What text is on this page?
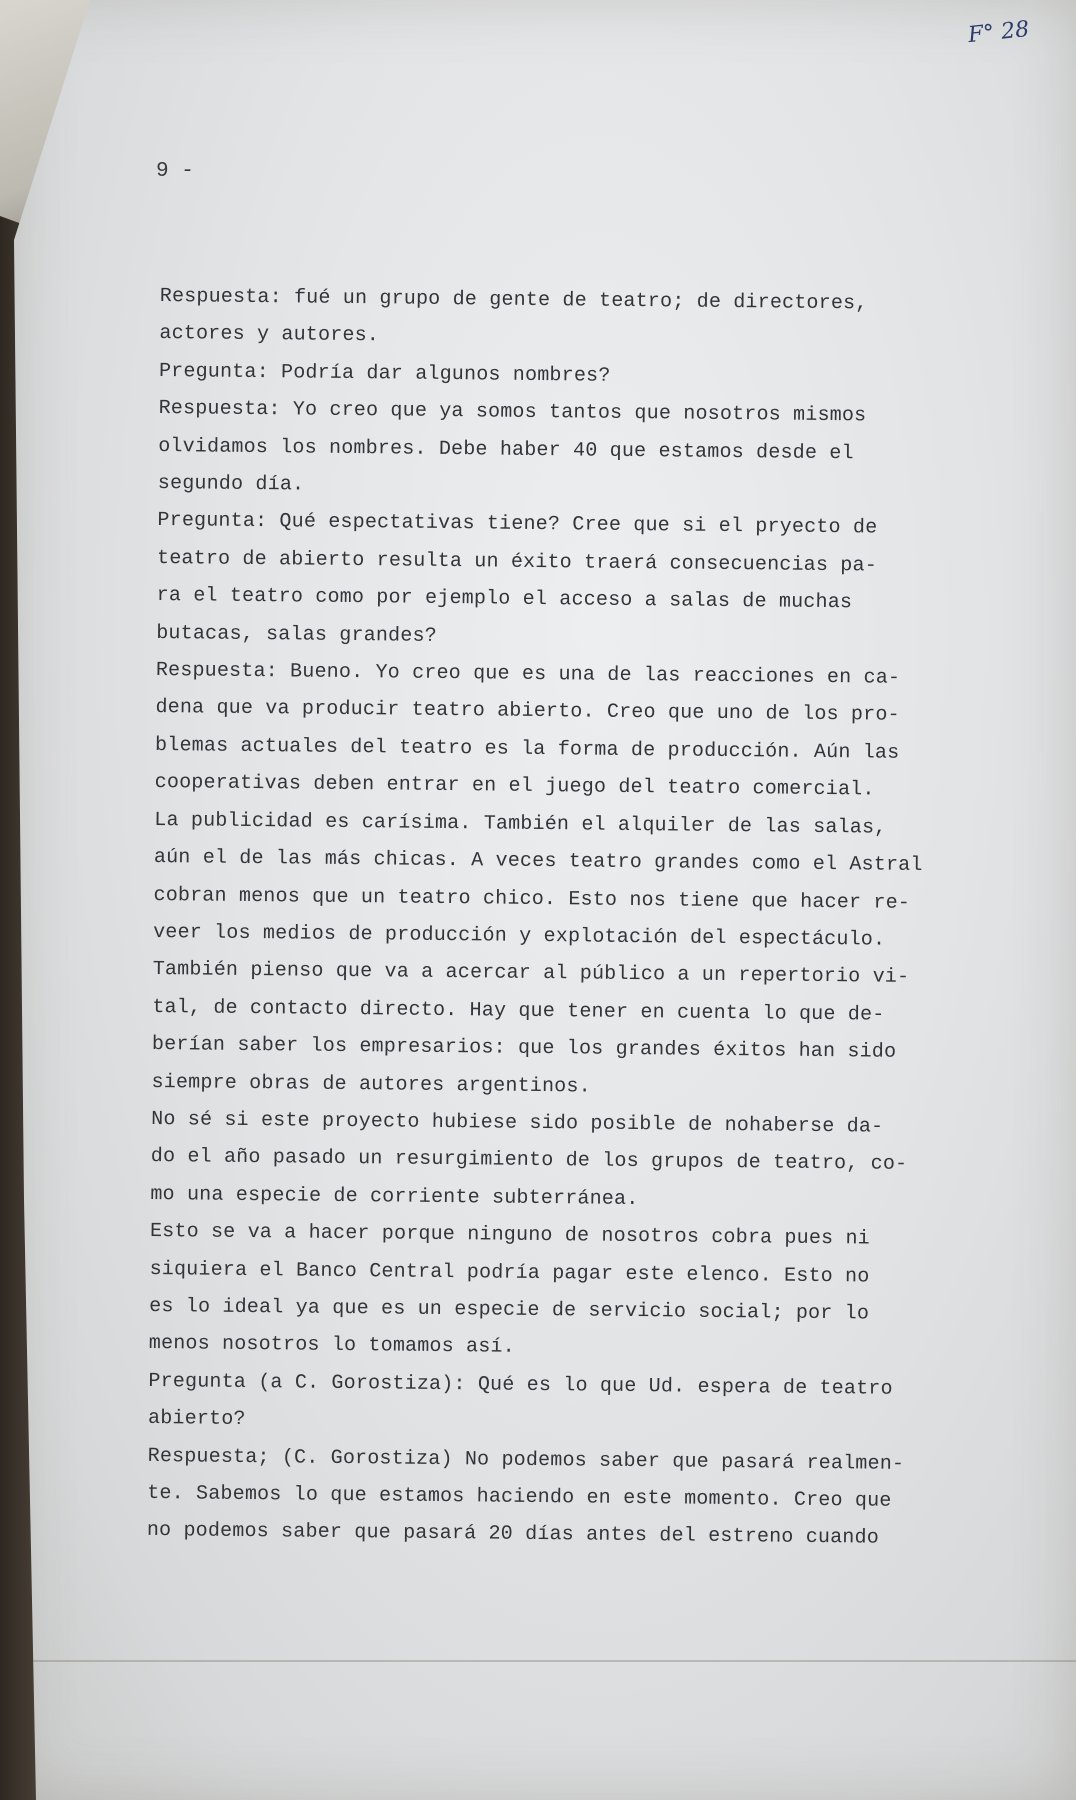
F° 28
9 -
Respuesta: fué un grupo de gente de teatro; de directores,
actores y autores.
Pregunta: Podría dar algunos nombres?
Respuesta: Yo creo que ya somos tantos que nosotros mismos
olvidamos los nombres. Debe haber 40 que estamos desde el
segundo día.
Pregunta: Qué espectativas tiene? Cree que si el pryecto de
teatro de abierto resulta un éxito traerá consecuencias pa-
ra el teatro como por ejemplo el acceso a salas de muchas
butacas, salas grandes?
Respuesta: Bueno. Yo creo que es una de las reacciones en ca-
dena que va producir teatro abierto. Creo que uno de los pro-
blemas actuales del teatro es la forma de producción. Aún las
cooperativas deben entrar en el juego del teatro comercial.
La publicidad es carísima. También el alquiler de las salas,
aún el de las más chicas. A veces teatro grandes como el Astral
cobran menos que un teatro chico. Esto nos tiene que hacer re-
veer los medios de producción y explotación del espectáculo.
También pienso que va a acercar al público a un repertorio vi-
tal, de contacto directo. Hay que tener en cuenta lo que de-
berían saber los empresarios: que los grandes éxitos han sido
siempre obras de autores argentinos.
No sé si este proyecto hubiese sido posible de nohaberse da-
do el año pasado un resurgimiento de los grupos de teatro, co-
mo una especie de corriente subterránea.
Esto se va a hacer porque ninguno de nosotros cobra pues ni
siquiera el Banco Central podría pagar este elenco. Esto no
es lo ideal ya que es un especie de servicio social; por lo
menos nosotros lo tomamos así.
Pregunta (a C. Gorostiza): Qué es lo que Ud. espera de teatro
abierto?
Respuesta; (C. Gorostiza) No podemos saber que pasará realmen-
te. Sabemos lo que estamos haciendo en este momento. Creo que
no podemos saber que pasará 20 días antes del estreno cuando
